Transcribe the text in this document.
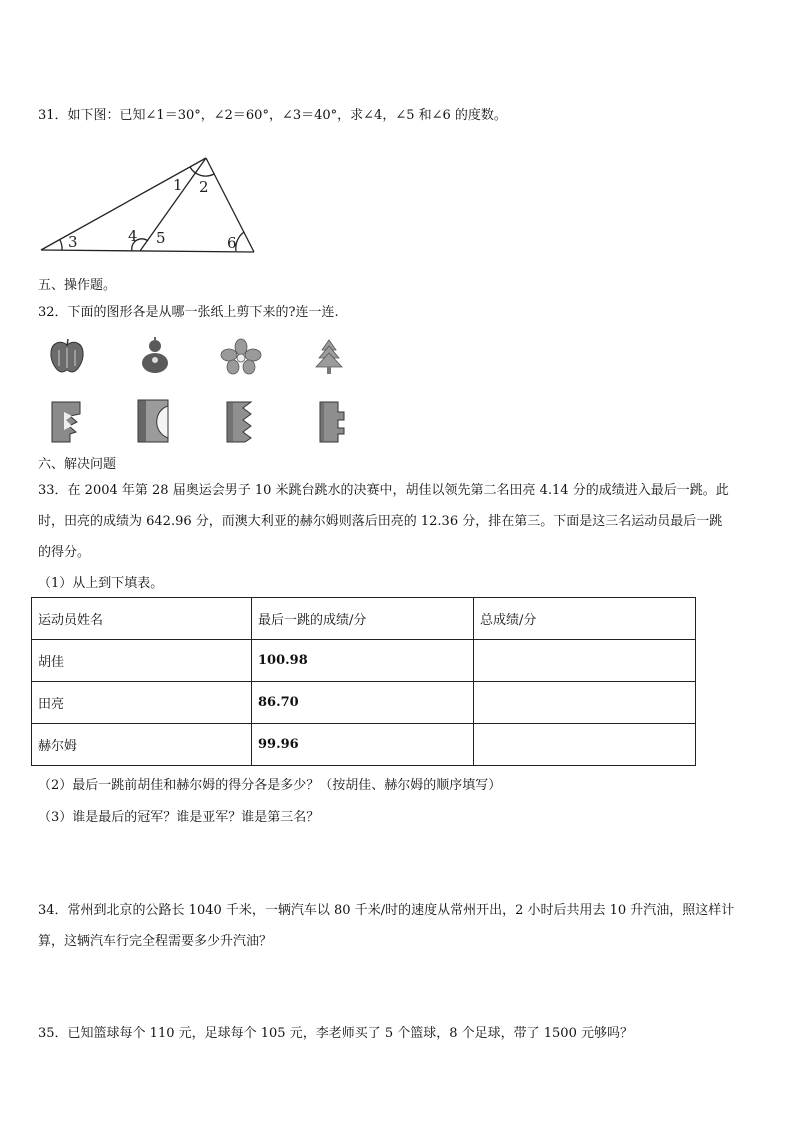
31．如下图：已知∠1＝30°，∠2＝60°，∠3＝40°，求∠4，∠5 和∠6 的度数。
1 2
3	4 5	6
五、操作题。
32．下面的图形各是从哪一张纸上剪下来的?连一连.
六、解决问题
33．在 2004 年第 28 届奥运会男子 10 米跳台跳水的决赛中，胡佳以领先第二名田亮 4.14 分的成绩进入最后一跳。此
时，田亮的成绩为 642.96 分，而澳大利亚的赫尔姆则落后田亮的 12.36 分，排在第三。下面是这三名运动员最后一跳
的得分。
（1）从上到下填表。
运动员姓名	最后一跳的成绩/分	总成绩/分
胡佳	100.98	
田亮	86.70	
赫尔姆	99.96	
（2）最后一跳前胡佳和赫尔姆的得分各是多少？（按胡佳、赫尔姆的顺序填写）
（3）谁是最后的冠军？谁是亚军？谁是第三名？
34．常州到北京的公路长 1040 千米，一辆汽车以 80 千米/时的速度从常州开出，2 小时后共用去 10 升汽油，照这样计
算，这辆汽车行完全程需要多少升汽油？
35．已知篮球每个 110 元，足球每个 105 元，李老师买了 5 个篮球，8 个足球，带了 1500 元够吗？
